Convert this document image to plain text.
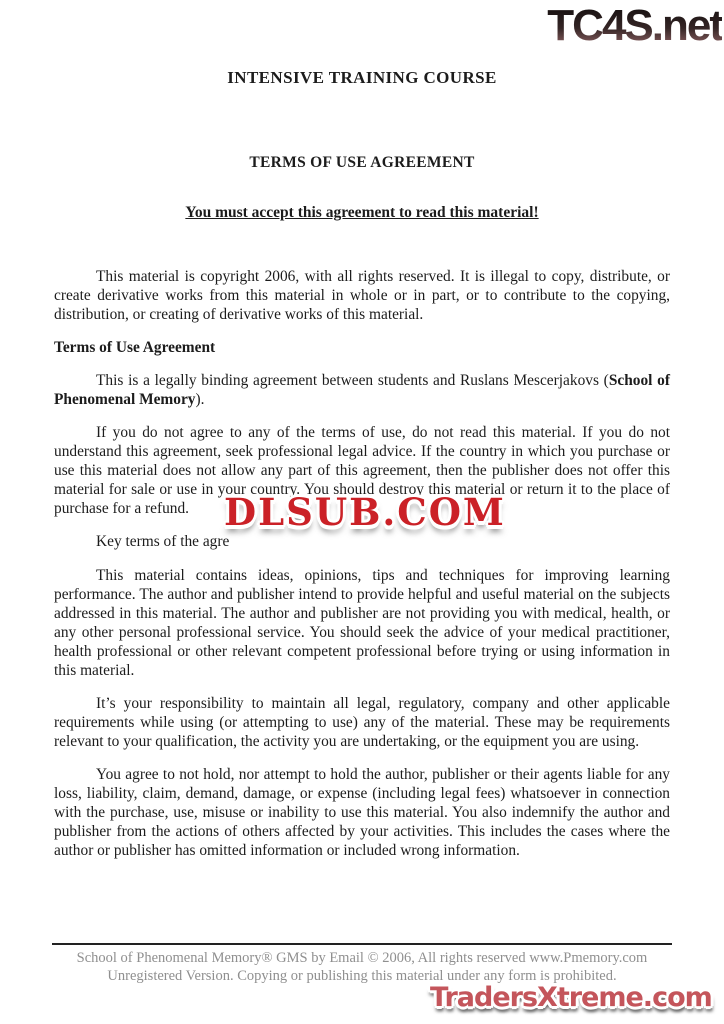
TC4S.net
INTENSIVE TRAINING COURSE
TERMS OF USE AGREEMENT
You must accept this agreement to read this material!

This material is copyright 2006, with all rights reserved. It is illegal to copy, distribute, or create derivative works from this material in whole or in part, or to contribute to the copying, distribution, or creating of derivative works of this material.

Terms of Use Agreement

This is a legally binding agreement between students and Ruslans Mescerjakovs (School of Phenomenal Memory).

If you do not agree to any of the terms of use, do not read this material. If you do not understand this agreement, seek professional legal advice. If the country in which you purchase or use this material does not allow any part of this agreement, then the publisher does not offer this material for sale or use in your country. You should destroy this material or return it to the place of purchase for a refund.

Key terms of the agre

This material contains ideas, opinions, tips and techniques for improving learning performance. The author and publisher intend to provide helpful and useful material on the subjects addressed in this material. The author and publisher are not providing you with medical, health, or any other personal professional service. You should seek the advice of your medical practitioner, health professional or other relevant competent professional before trying or using information in this material.

It’s your responsibility to maintain all legal, regulatory, company and other applicable requirements while using (or attempting to use) any of the material. These may be requirements relevant to your qualification, the activity you are undertaking, or the equipment you are using.

You agree to not hold, nor attempt to hold the author, publisher or their agents liable for any loss, liability, claim, demand, damage, or expense (including legal fees) whatsoever in connection with the purchase, use, misuse or inability to use this material. You also indemnify the author and publisher from the actions of others affected by your activities. This includes the cases where the author or publisher has omitted information or included wrong information.

DLSUB.COM
School of Phenomenal Memory® GMS by Email © 2006, All rights reserved www.Pmemory.com
Unregistered Version. Copying or publishing this material under any form is prohibited.
TradersXtreme.com
